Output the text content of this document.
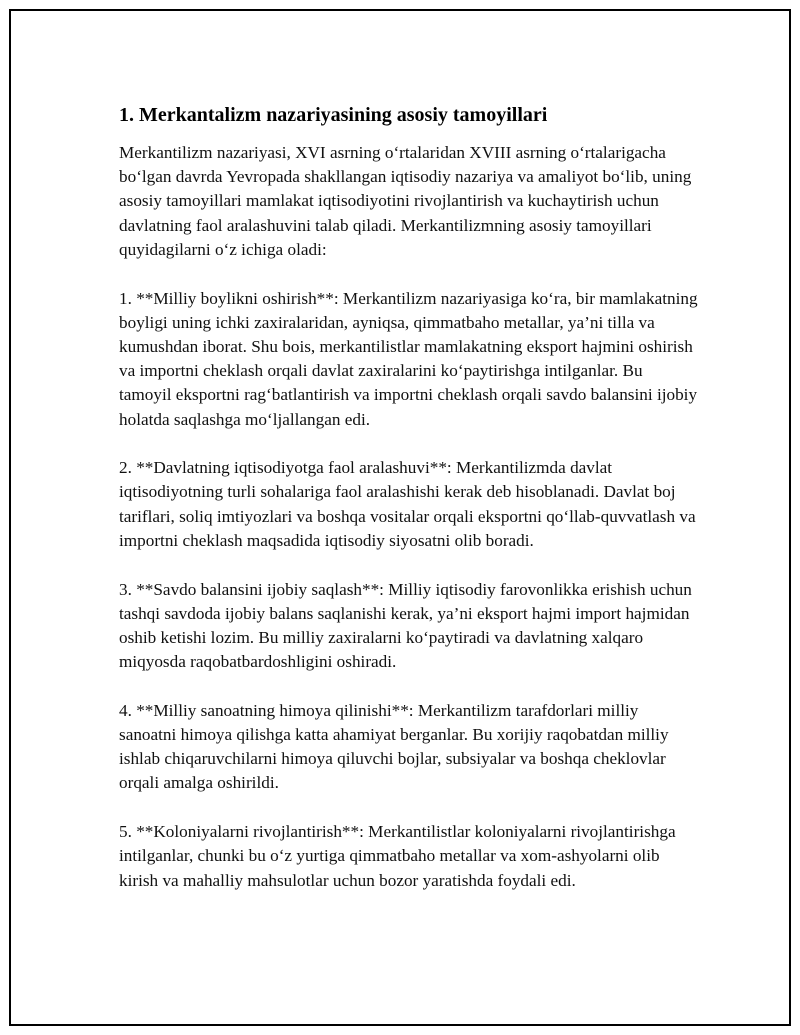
1. Merkantalizm nazariyasining asosiy tamoyillari

Merkantilizm nazariyasi, XVI asrning o‘rtalaridan XVIII asrning o‘rtalarigacha bo‘lgan davrda Yevropada shakllangan iqtisodiy nazariya va amaliyot bo‘lib, uning asosiy tamoyillari mamlakat iqtisodiyotini rivojlantirish va kuchaytirish uchun davlatning faol aralashuvini talab qiladi. Merkantilizmning asosiy tamoyillari quyidagilarni o‘z ichiga oladi:

1. **Milliy boylikni oshirish**: Merkantilizm nazariyasiga ko‘ra, bir mamlakatning boyligi uning ichki zaxiralaridan, ayniqsa, qimmatbaho metallar, ya’ni tilla va kumushdan iborat. Shu bois, merkantilistlar mamlakatning eksport hajmini oshirish va importni cheklash orqali davlat zaxiralarini ko‘paytirishga intilganlar. Bu tamoyil eksportni rag‘batlantirish va importni cheklash orqali savdo balansini ijobiy holatda saqlashga mo‘ljallangan edi.

2. **Davlatning iqtisodiyotga faol aralashuvi**: Merkantilizmda davlat iqtisodiyotning turli sohalariga faol aralashishi kerak deb hisoblanadi. Davlat boj tariflari, soliq imtiyozlari va boshqa vositalar orqali eksportni qo‘llab-quvvatlash va importni cheklash maqsadida iqtisodiy siyosatni olib boradi.

3. **Savdo balansini ijobiy saqlash**: Milliy iqtisodiy farovonlikka erishish uchun tashqi savdoda ijobiy balans saqlanishi kerak, ya’ni eksport hajmi import hajmidan oshib ketishi lozim. Bu milliy zaxiralarni ko‘paytiradi va davlatning xalqaro miqyosda raqobatbardoshligini oshiradi.

4. **Milliy sanoatning himoya qilinishi**: Merkantilizm tarafdorlari milliy sanoatni himoya qilishga katta ahamiyat berganlar. Bu xorijiy raqobatdan milliy ishlab chiqaruvchilarni himoya qiluvchi bojlar, subsiyalar va boshqa cheklovlar orqali amalga oshirildi.

5. **Koloniyalarni rivojlantirish**: Merkantilistlar koloniyalarni rivojlantirishga intilganlar, chunki bu o‘z yurtiga qimmatbaho metallar va xom-ashyolarni olib kirish va mahalliy mahsulotlar uchun bozor yaratishda foydali edi.
